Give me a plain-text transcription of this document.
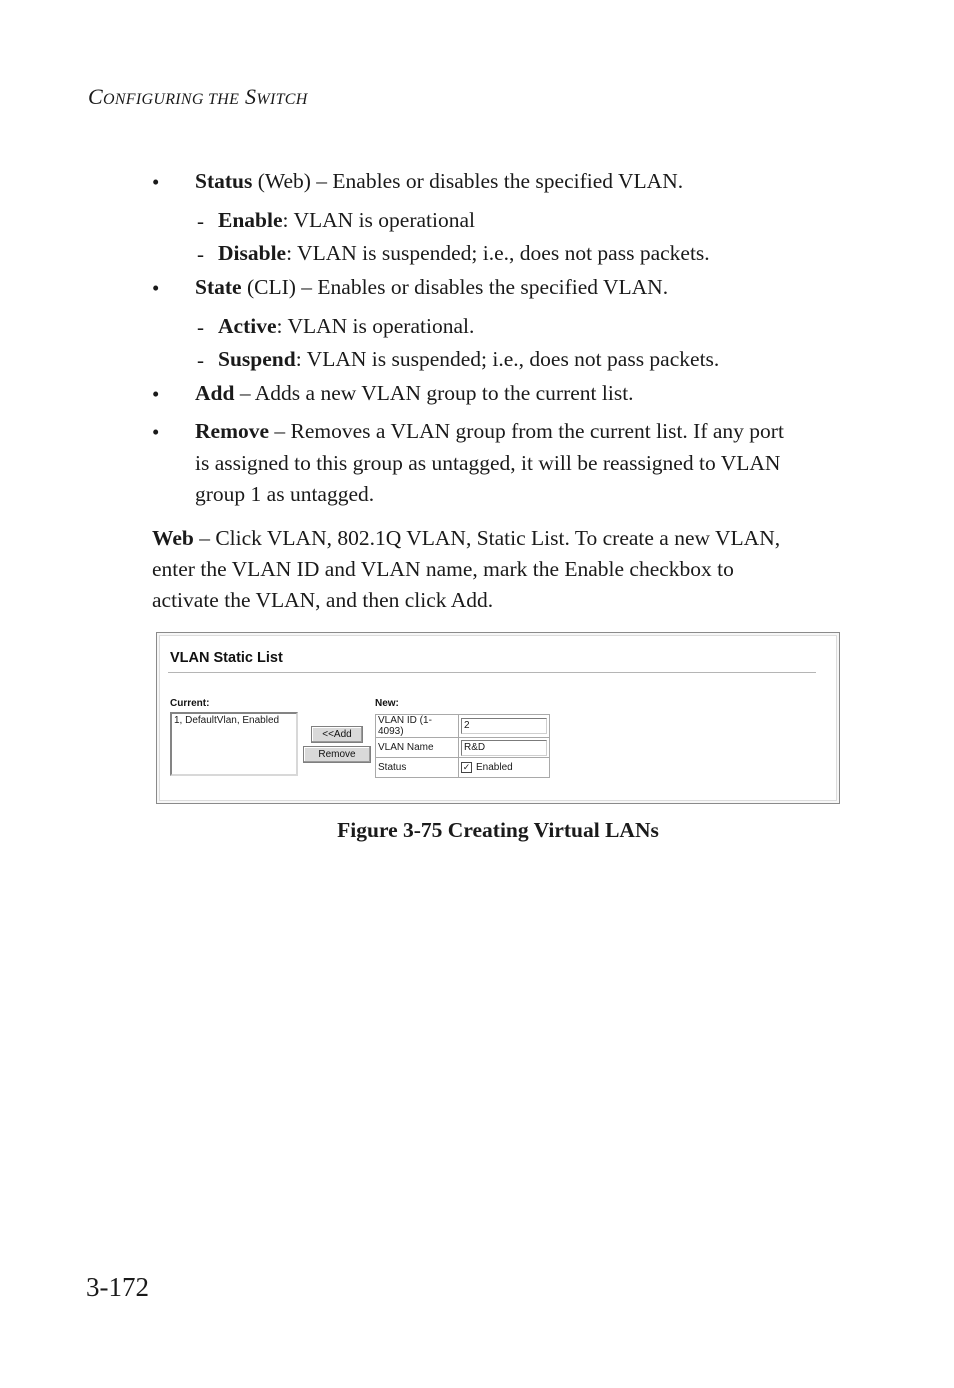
CONFIGURING THE SWITCH
• Status (Web) – Enables or disables the specified VLAN.
- Enable: VLAN is operational
- Disable: VLAN is suspended; i.e., does not pass packets.
• State (CLI) – Enables or disables the specified VLAN.
- Active: VLAN is operational.
- Suspend: VLAN is suspended; i.e., does not pass packets.
• Add – Adds a new VLAN group to the current list.
• Remove – Removes a VLAN group from the current list. If any port
is assigned to this group as untagged, it will be reassigned to VLAN
group 1 as untagged.
Web – Click VLAN, 802.1Q VLAN, Static List. To create a new VLAN,
enter the VLAN ID and VLAN name, mark the Enable checkbox to
activate the VLAN, and then click Add.
VLAN Static List
Current:
1, DefaultVlan, Enabled
<<Add
Remove
New:
VLAN ID (1-4093)	2

VLAN Name	R&D

Status	✓ Enabled
Figure 3-75 Creating Virtual LANs
3-172
